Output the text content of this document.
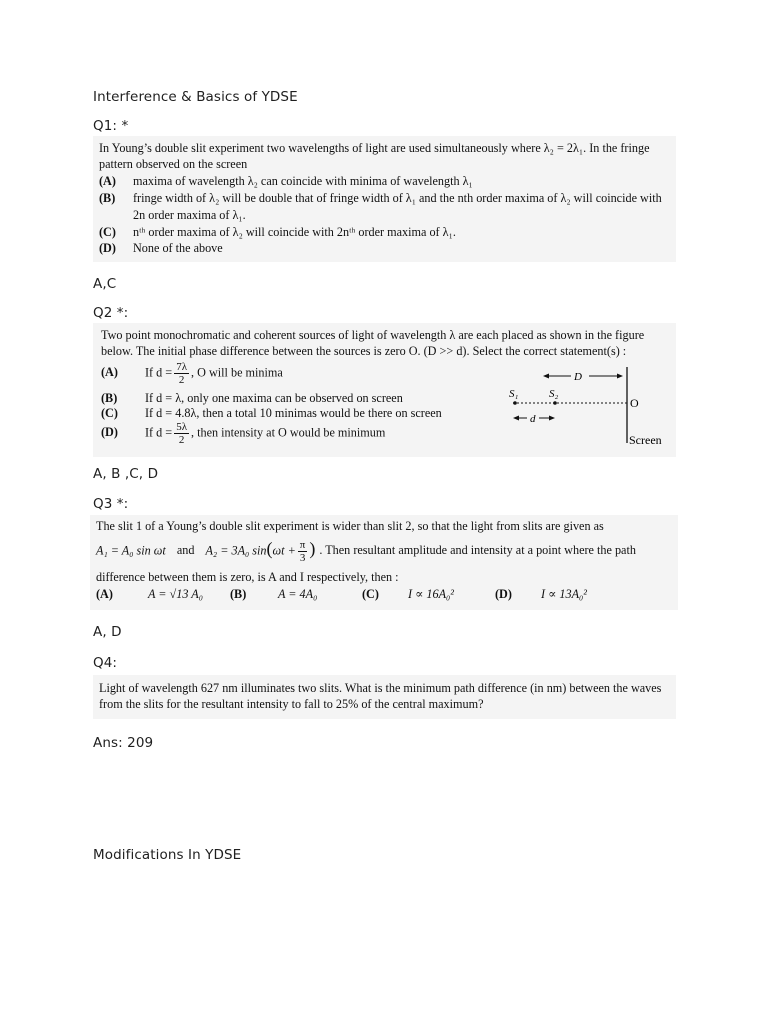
Interference & Basics of YDSE
Q1: *
In Young’s double slit experiment two wavelengths of light are used simultaneously where λ₂ = 2λ₁. In the fringe
pattern observed on the screen
(A) maxima of wavelength λ₂ can coincide with minima of wavelength λ₁
(B) fringe width of λ₂ will be double that of fringe width of λ₁ and the nth order maxima of λ₂ will coincide with
2n order maxima of λ₁.
(C) nᵗʰ order maxima of λ₂ will coincide with 2nᵗʰ order maxima of λ₁.
(D) None of the above
A,C
Q2 *:
Two point monochromatic and coherent sources of light of wavelength λ are each placed as shown in the figure
below. The initial phase difference between the sources is zero O. (D >> d). Select the correct statement(s) :
(A) If $d = \frac{7\lambda}{2}$ , O will be minima
(B) If d = λ, only one maxima can be observed on screen
(C) If d = 4.8λ, then a total 10 minimas would be there on screen
(D) If $d = \frac{5\lambda}{2}$ , then intensity at O would be minimum
S₁	S₂
D
d
O
Screen
A, B ,C, D
Q3 *:
The slit 1 of a Young’s double slit experiment is wider than slit 2, so that the light from slits are given as
A₁ = A₀ sin ωt and A₂ = 3A₀ $\sin(\omega t + \frac{\pi}{3}$ ) . Then resultant amplitude and intensity at a point where the path
difference between them is zero, is A and I respectively, then :
(A)	A = √13 A₀ (B)	A = 4A₀	(C) I ∝ 16A₀²	(D) I ∝ 13A₀²
A, D
Q4:
Light of wavelength 627 nm illuminates two slits. What is the minimum path difference (in nm) between the waves
from the slits for the resultant intensity to fall to 25% of the central maximum?
Ans: 209
Modifications In YDSE
